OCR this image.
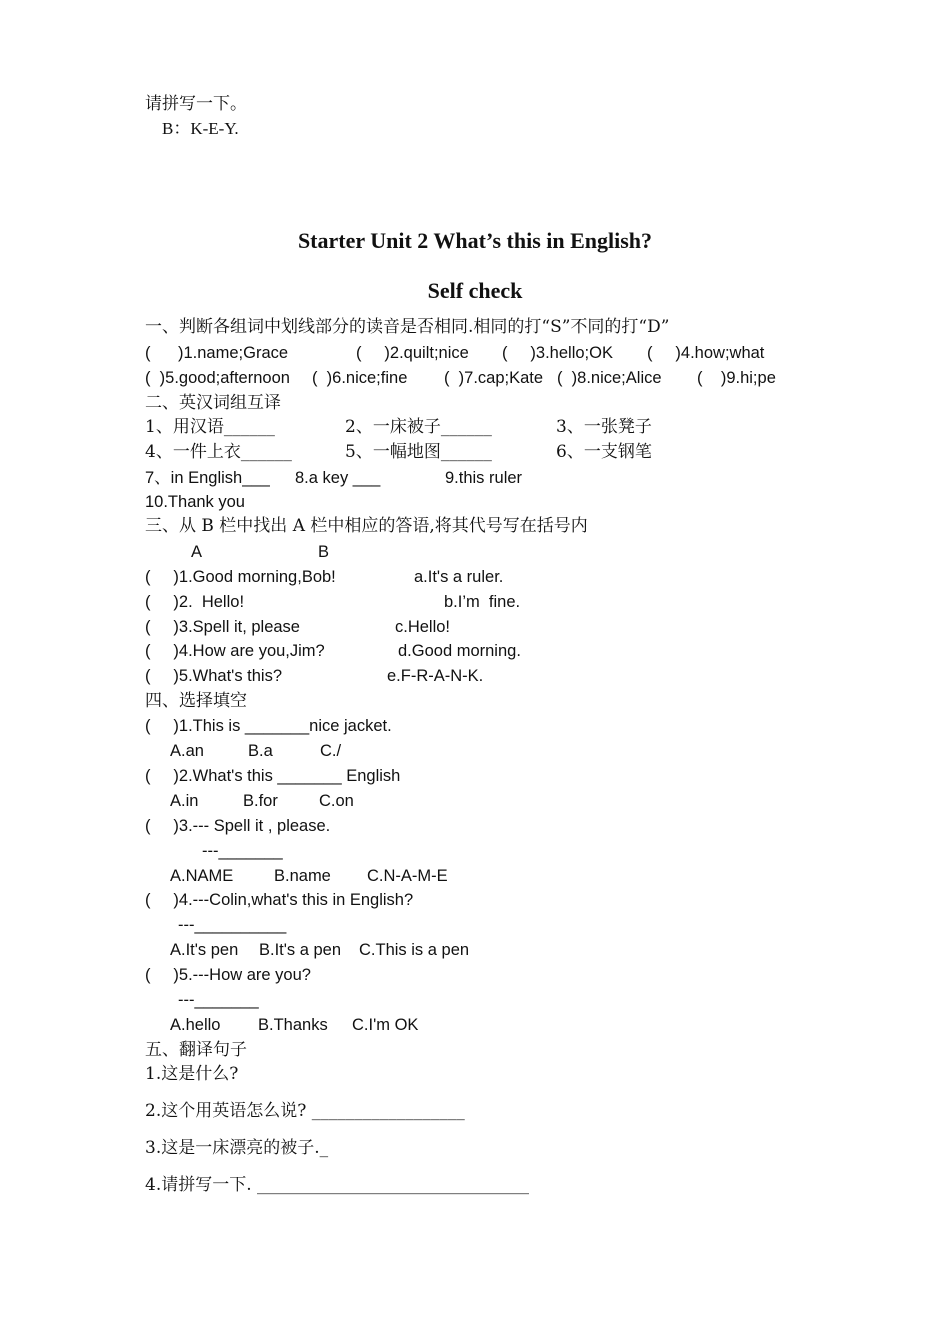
请拼写一下。
B：K-E-Y.
Starter Unit 2 What’s this in English?
Self check
一、判断各组词中划线部分的读音是否相同.相同的打“S”不同的打“D”
(      )1.name;Grace	(     )2.quilt;nice (     )3.hello;OK (     )4.how;what
(  )5.good;afternoon (  )6.nice;fine (  )7.cap;Kate (  )8.nice;Alice (    )9.hi;pe
二、英汉词组互译
1、用汉语______	2、一床被子______	3、一张凳子
4、一件上衣______	5、一幅地图______	6、一支钢笔
7、in English___ 8.a key ___	9.this ruler
10.Thank you
三、从 B 栏中找出 A 栏中相应的答语,将其代号写在括号内
A	B
(     )1.Good morning,Bob!	a.It's a ruler.
(     )2.  Hello!	b.I’m  fine.
(     )3.Spell it, please	c.Hello!
(     )4.How are you,Jim?	d.Good morning.
(     )5.What's this?	e.F-R-A-N-K.
四、选择填空
(     )1.This is _______nice jacket.
A.an	B.a	C./
(     )2.What's this _______ English
A.in	B.for C.on
(     )3.--- Spell it , please.
---_______
A.NAME B.name C.N-A-M-E
(     )4.---Colin,what's this in English?
---__________
A.It's pen B.It's a pen C.This is a pen
(     )5.---How are you?
---_______
A.hello B.Thanks C.I'm OK
五、翻译句子
1.这是什么?
2.这个用英语怎么说? __________________
3.这是一床漂亮的被子._
4.请拼写一下. ________________________________
